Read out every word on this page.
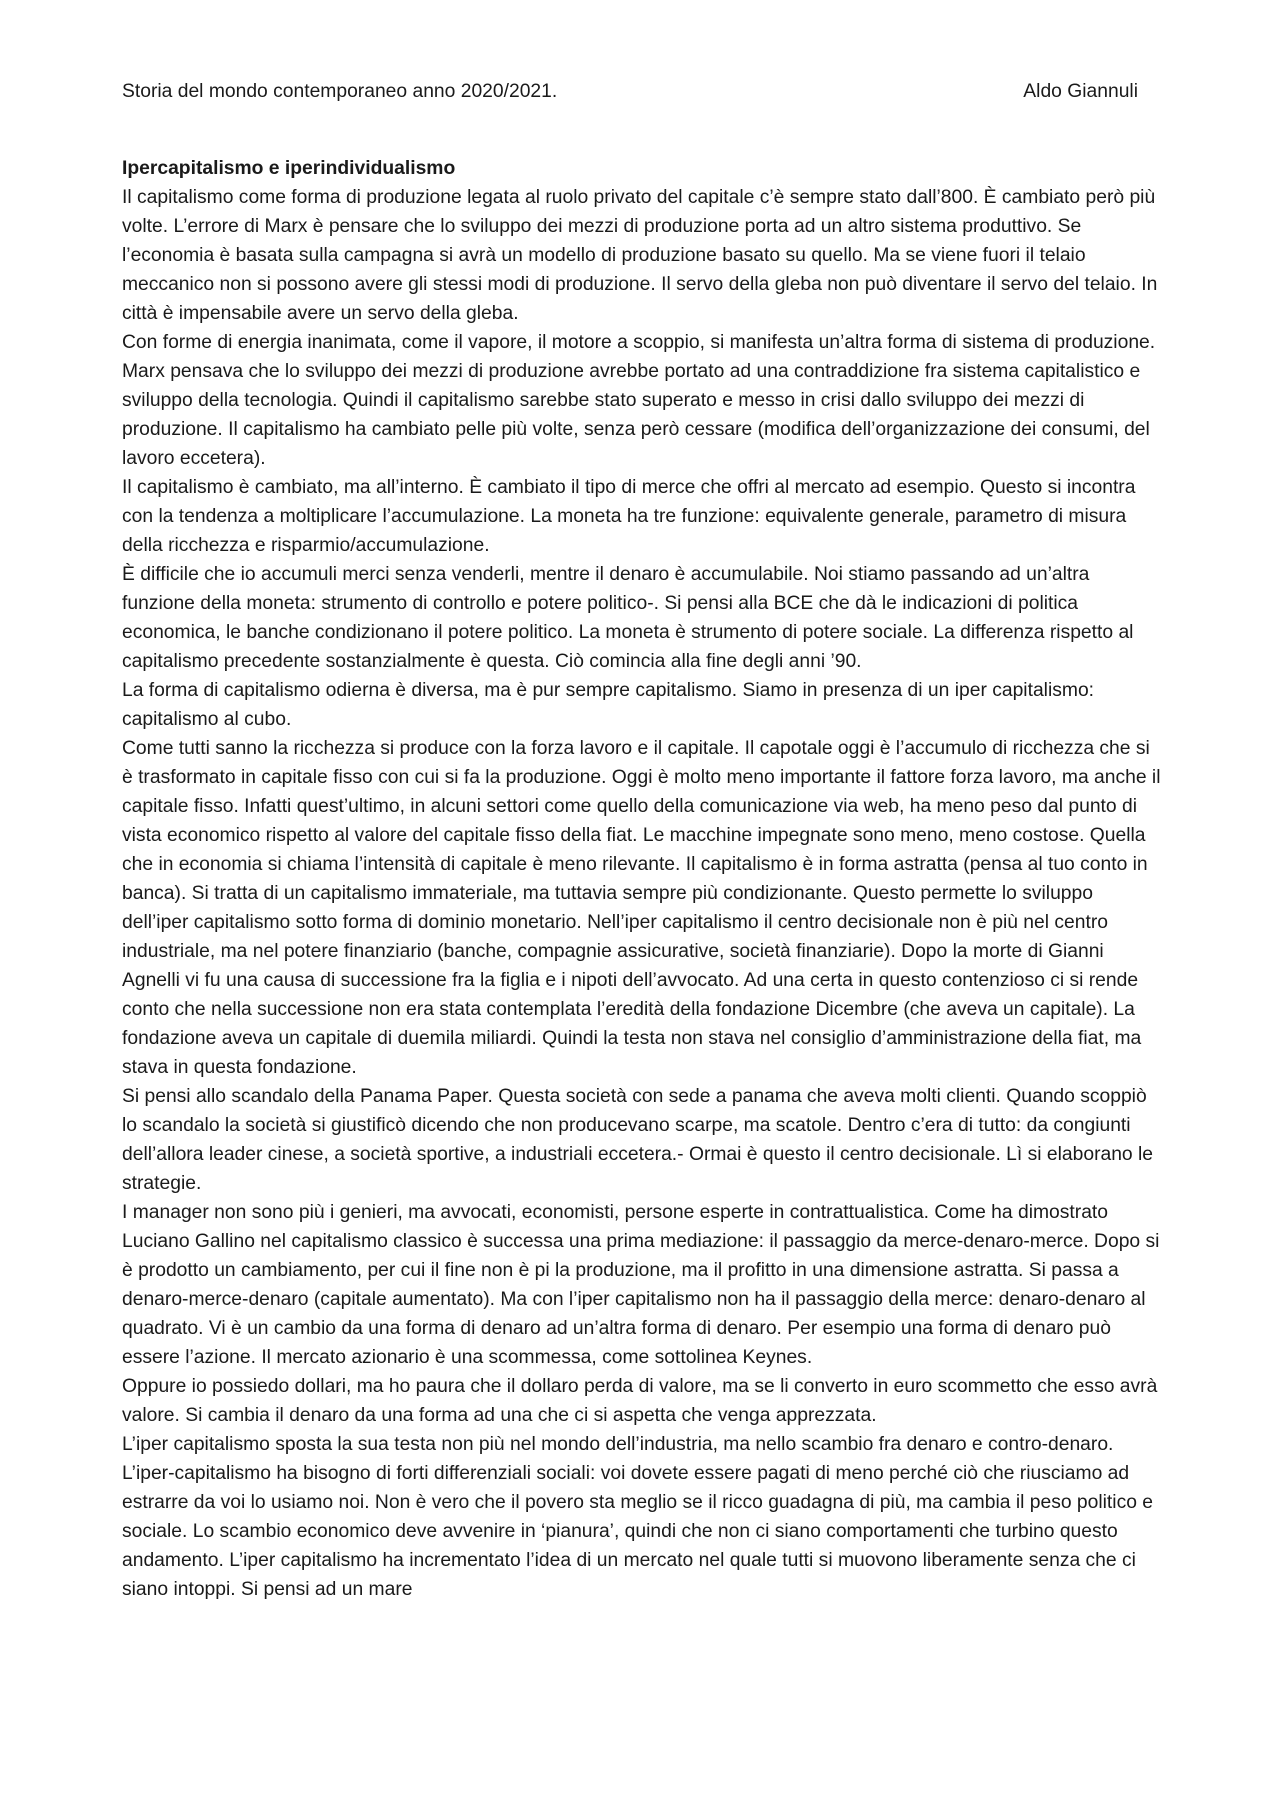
Storia del mondo contemporaneo anno 2020/2021.	Aldo Giannuli

Ipercapitalismo e iperindividualismo

Il capitalismo come forma di produzione legata al ruolo privato del capitale c’è sempre stato dall’800. È cambiato però più volte. L’errore di Marx è pensare che lo sviluppo dei mezzi di produzione porta ad un altro sistema produttivo. Se l’economia è basata sulla campagna si avrà un modello di produzione basato su quello. Ma se viene fuori il telaio meccanico non si possono avere gli stessi modi di produzione. Il servo della gleba non può diventare il servo del telaio. In città è impensabile avere un servo della gleba.

Con forme di energia inanimata, come il vapore, il motore a scoppio, si manifesta un’altra forma di sistema di produzione. Marx pensava che lo sviluppo dei mezzi di produzione avrebbe portato ad una contraddizione fra sistema capitalistico e sviluppo della tecnologia. Quindi il capitalismo sarebbe stato superato e messo in crisi dallo sviluppo dei mezzi di produzione. Il capitalismo ha cambiato pelle più volte, senza però cessare (modifica dell’organizzazione dei consumi, del lavoro eccetera).

Il capitalismo è cambiato, ma all’interno. È cambiato il tipo di merce che offri al mercato ad esempio. Questo si incontra con la tendenza a moltiplicare l’accumulazione. La moneta ha tre funzione: equivalente generale, parametro di misura della ricchezza e risparmio/accumulazione.

È difficile che io accumuli merci senza venderli, mentre il denaro è accumulabile. Noi stiamo passando ad un’altra funzione della moneta: strumento di controllo e potere politico-. Si pensi alla BCE che dà le indicazioni di politica economica, le banche condizionano il potere politico. La moneta è strumento di potere sociale. La differenza rispetto al capitalismo precedente sostanzialmente è questa. Ciò comincia alla fine degli anni ’90.

La forma di capitalismo odierna è diversa, ma è pur sempre capitalismo. Siamo in presenza di un iper capitalismo: capitalismo al cubo.

Come tutti sanno la ricchezza si produce con la forza lavoro e il capitale. Il capotale oggi è l’accumulo di ricchezza che si è trasformato in capitale fisso con cui si fa la produzione. Oggi è molto meno importante il fattore forza lavoro, ma anche il capitale fisso. Infatti quest’ultimo, in alcuni settori come quello della comunicazione via web, ha meno peso dal punto di vista economico rispetto al valore del capitale fisso della fiat. Le macchine impegnate sono meno, meno costose. Quella che in economia si chiama l’intensità di capitale è meno rilevante. Il capitalismo è in forma astratta (pensa al tuo conto in banca). Si tratta di un capitalismo immateriale, ma tuttavia sempre più condizionante. Questo permette lo sviluppo dell’iper capitalismo sotto forma di dominio monetario. Nell’iper capitalismo il centro decisionale non è più nel centro industriale, ma nel potere finanziario (banche, compagnie assicurative, società finanziarie). Dopo la morte di Gianni Agnelli vi fu una causa di successione fra la figlia e i nipoti dell’avvocato. Ad una certa in questo contenzioso ci si rende conto che nella successione non era stata contemplata l’eredità della fondazione Dicembre (che aveva un capitale). La fondazione aveva un capitale di duemila miliardi. Quindi la testa non stava nel consiglio d’amministrazione della fiat, ma stava in questa fondazione.

Si pensi allo scandalo della Panama Paper. Questa società con sede a panama che aveva molti clienti. Quando scoppiò lo scandalo la società si giustificò dicendo che non producevano scarpe, ma scatole. Dentro c’era di tutto: da congiunti dell’allora leader cinese, a società sportive, a industriali eccetera.- Ormai è questo il centro decisionale. Lì si elaborano le strategie.

I manager non sono più i genieri, ma avvocati, economisti, persone esperte in contrattualistica. Come ha dimostrato Luciano Gallino nel capitalismo classico è successa una prima mediazione: il passaggio da merce-denaro-merce. Dopo si è prodotto un cambiamento, per cui il fine non è pi la produzione, ma il profitto in una dimensione astratta. Si passa a denaro-merce-denaro (capitale aumentato). Ma con l’iper capitalismo non ha il passaggio della merce: denaro-denaro al quadrato. Vi è un cambio da una forma di denaro ad un’altra forma di denaro. Per esempio una forma di denaro può essere l’azione. Il mercato azionario è una scommessa, come sottolinea Keynes.

Oppure io possiedo dollari, ma ho paura che il dollaro perda di valore, ma se li converto in euro scommetto che esso avrà valore. Si cambia il denaro da una forma ad una che ci si aspetta che venga apprezzata.

L’iper capitalismo sposta la sua testa non più nel mondo dell’industria, ma nello scambio fra denaro e contro-denaro. L’iper-capitalismo ha bisogno di forti differenziali sociali: voi dovete essere pagati di meno perché ciò che riusciamo ad estrarre da voi lo usiamo noi. Non è vero che il povero sta meglio se il ricco guadagna di più, ma cambia il peso politico e sociale. Lo scambio economico deve avvenire in ‘pianura’, quindi che non ci siano comportamenti che turbino questo andamento. L’iper capitalismo ha incrementato l’idea di un mercato nel quale tutti si muovono liberamente senza che ci siano intoppi. Si pensi ad un mare
